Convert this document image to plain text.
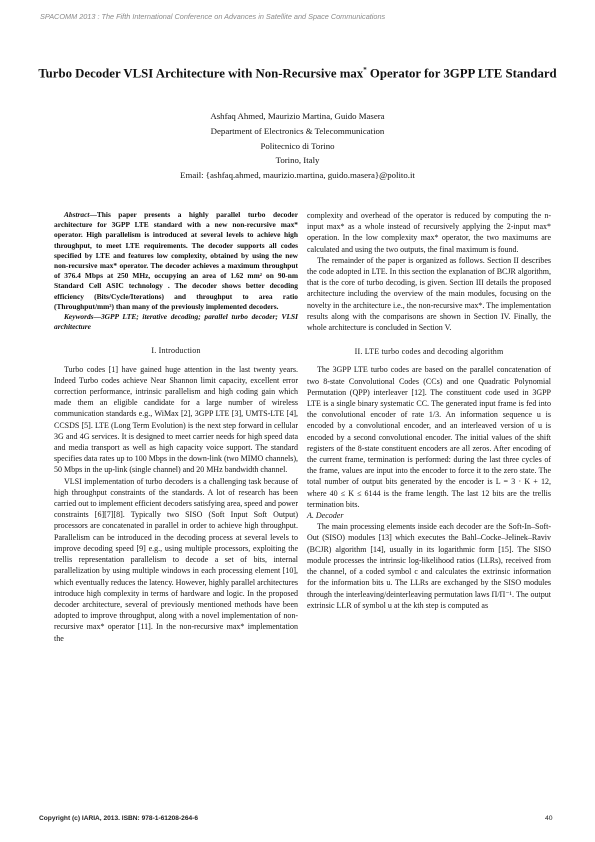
SPACOMM 2013 : The Fifth International Conference on Advances in Satellite and Space Communications
Turbo Decoder VLSI Architecture with Non-Recursive max* Operator for 3GPP LTE Standard
Ashfaq Ahmed, Maurizio Martina, Guido Masera
Department of Electronics & Telecommunication
Politecnico di Torino
Torino, Italy
Email: {ashfaq.ahmed, maurizio.martina, guido.masera}@polito.it

Abstract—This paper presents a highly parallel turbo decoder architecture for 3GPP LTE standard with a new non-recursive max* operator. High parallelism is introduced at several levels to achieve high throughput, to meet LTE requirements. The decoder supports all codes specified by LTE and features low complexity, obtained by using the new non-recursive max* operator. The decoder achieves a maximum throughput of 376.4 Mbps at 250 MHz, occupying an area of 1.62 mm² on 90-nm Standard Cell ASIC technology . The decoder shows better decoding efficiency (Bits/Cycle/Iterations) and throughput to area ratio (Throughput/mm²) than many of the previously implemented decoders.

Keywords—3GPP LTE; iterative decoding; parallel turbo decoder; VLSI architecture

I. Introduction

Turbo codes [1] have gained huge attention in the last twenty years. Indeed Turbo codes achieve Near Shannon limit capacity, excellent error correction performance, intrinsic parallelism and high coding gain which made them an eligible candidate for a large number of wireless communication standards e.g., WiMax [2], 3GPP LTE [3], UMTS-LTE [4], CCSDS [5]. LTE (Long Term Evolution) is the next step forward in cellular 3G and 4G services. It is designed to meet carrier needs for high speed data and media transport as well as high capacity voice support. The standard specifies data rates up to 100 Mbps in the down-link (two MIMO channels), 50 Mbps in the up-link (single channel) and 20 MHz bandwidth channel.

VLSI implementation of turbo decoders is a challenging task because of high throughput constraints of the standards. A lot of research has been carried out to implement efficient decoders satisfying area, speed and power constraints [6][7][8]. Typically two SISO (Soft Input Soft Output) processors are concatenated in parallel in order to achieve high throughput. Parallelism can be introduced in the decoding process at several levels to improve decoding speed [9] e.g., using multiple processors, exploiting the trellis representation parallelism to decode a set of bits, internal parallelization by using multiple windows in each processing element [10], which eventually reduces the latency. However, highly parallel architectures introduce high complexity in terms of hardware and logic. In the proposed decoder architecture, several of previously mentioned methods have been adopted to improve throughput, along with a novel implementation of non-recursive max* operator [11]. In the non-recursive max* implementation the

complexity and overhead of the operator is reduced by computing the n-input max* as a whole instead of recursively applying the 2-input max* operation. In the low complexity max* operator, the two maximums are calculated and using the two outputs, the final maximum is found.

The remainder of the paper is organized as follows. Section II describes the code adopted in LTE. In this section the explanation of BCJR algorithm, that is the core of turbo decoding, is given. Section III details the proposed architecture including the overview of the main modules, focusing on the novelty in the architecture i.e., the non-recursive max*. The implementation results along with the comparisons are shown in Section IV. Finally, the whole architecture is concluded in Section V.

II. LTE turbo codes and decoding algorithm

The 3GPP LTE turbo codes are based on the parallel concatenation of two 8-state Convolutional Codes (CCs) and one Quadratic Polynomial Permutation (QPP) interleaver [12]. The constituent code used in 3GPP LTE is a single binary systematic CC. The generated input frame is fed into the convolutional encoder of rate 1/3. An information sequence u is encoded by a convolutional encoder, and an interleaved version of u is encoded by a second convolutional encoder. The initial values of the shift registers of the 8-state constituent encoders are all zeros. After encoding of the current frame, termination is performed: during the last three cycles of the frame, values are input into the encoder to force it to the zero state. The total number of output bits generated by the encoder is L = 3 · K + 12, where 40 ≤ K ≤ 6144 is the frame length. The last 12 bits are the trellis termination bits.

A. Decoder

The main processing elements inside each decoder are the Soft-In–Soft-Out (SISO) modules [13] which executes the Bahl–Cocke–Jelinek–Raviv (BCJR) algorithm [14], usually in its logarithmic form [15]. The SISO module processes the intrinsic log-likelihood ratios (LLRs), received from the channel, of a coded symbol c and calculates the extrinsic information for the information bits u. The LLRs are exchanged by the SISO modules through the interleaving/deinterleaving permutation laws Π/Π⁻¹. The output extrinsic LLR of symbol u at the kth step is computed as

Copyright (c) IARIA, 2013. ISBN: 978-1-61208-264-6	40
